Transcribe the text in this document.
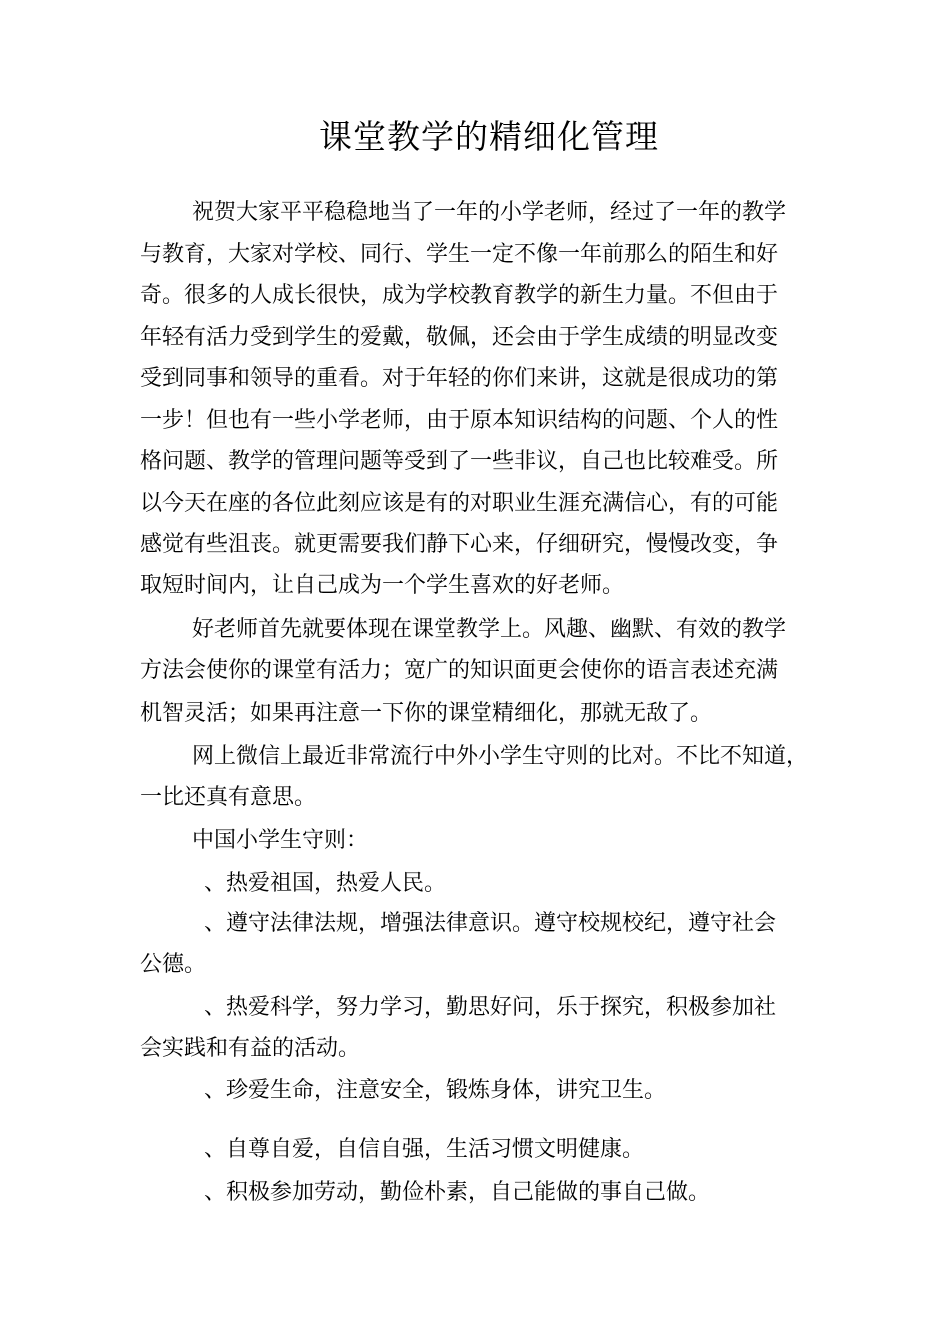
课堂教学的精细化管理
祝贺大家平平稳稳地当了一年的小学老师，经过了一年的教学
与教育，大家对学校、同行、学生一定不像一年前那么的陌生和好
奇。很多的人成长很快，成为学校教育教学的新生力量。不但由于
年轻有活力受到学生的爱戴，敬佩，还会由于学生成绩的明显改变
受到同事和领导的重看。对于年轻的你们来讲，这就是很成功的第
一步！但也有一些小学老师，由于原本知识结构的问题、个人的性
格问题、教学的管理问题等受到了一些非议，自己也比较难受。所
以今天在座的各位此刻应该是有的对职业生涯充满信心，有的可能
感觉有些沮丧。就更需要我们静下心来，仔细研究，慢慢改变，争
取短时间内，让自己成为一个学生喜欢的好老师。
好老师首先就要体现在课堂教学上。风趣、幽默、有效的教学
方法会使你的课堂有活力；宽广的知识面更会使你的语言表述充满
机智灵活；如果再注意一下你的课堂精细化，那就无敌了。
网上微信上最近非常流行中外小学生守则的比对。不比不知道，
一比还真有意思。
中国小学生守则：
、热爱祖国，热爱人民。
、遵守法律法规，增强法律意识。遵守校规校纪，遵守社会
公德。
、热爱科学，努力学习，勤思好问，乐于探究，积极参加社
会实践和有益的活动。
、珍爱生命，注意安全，锻炼身体，讲究卫生。
、自尊自爱，自信自强，生活习惯文明健康。
、积极参加劳动，勤俭朴素，自己能做的事自己做。
